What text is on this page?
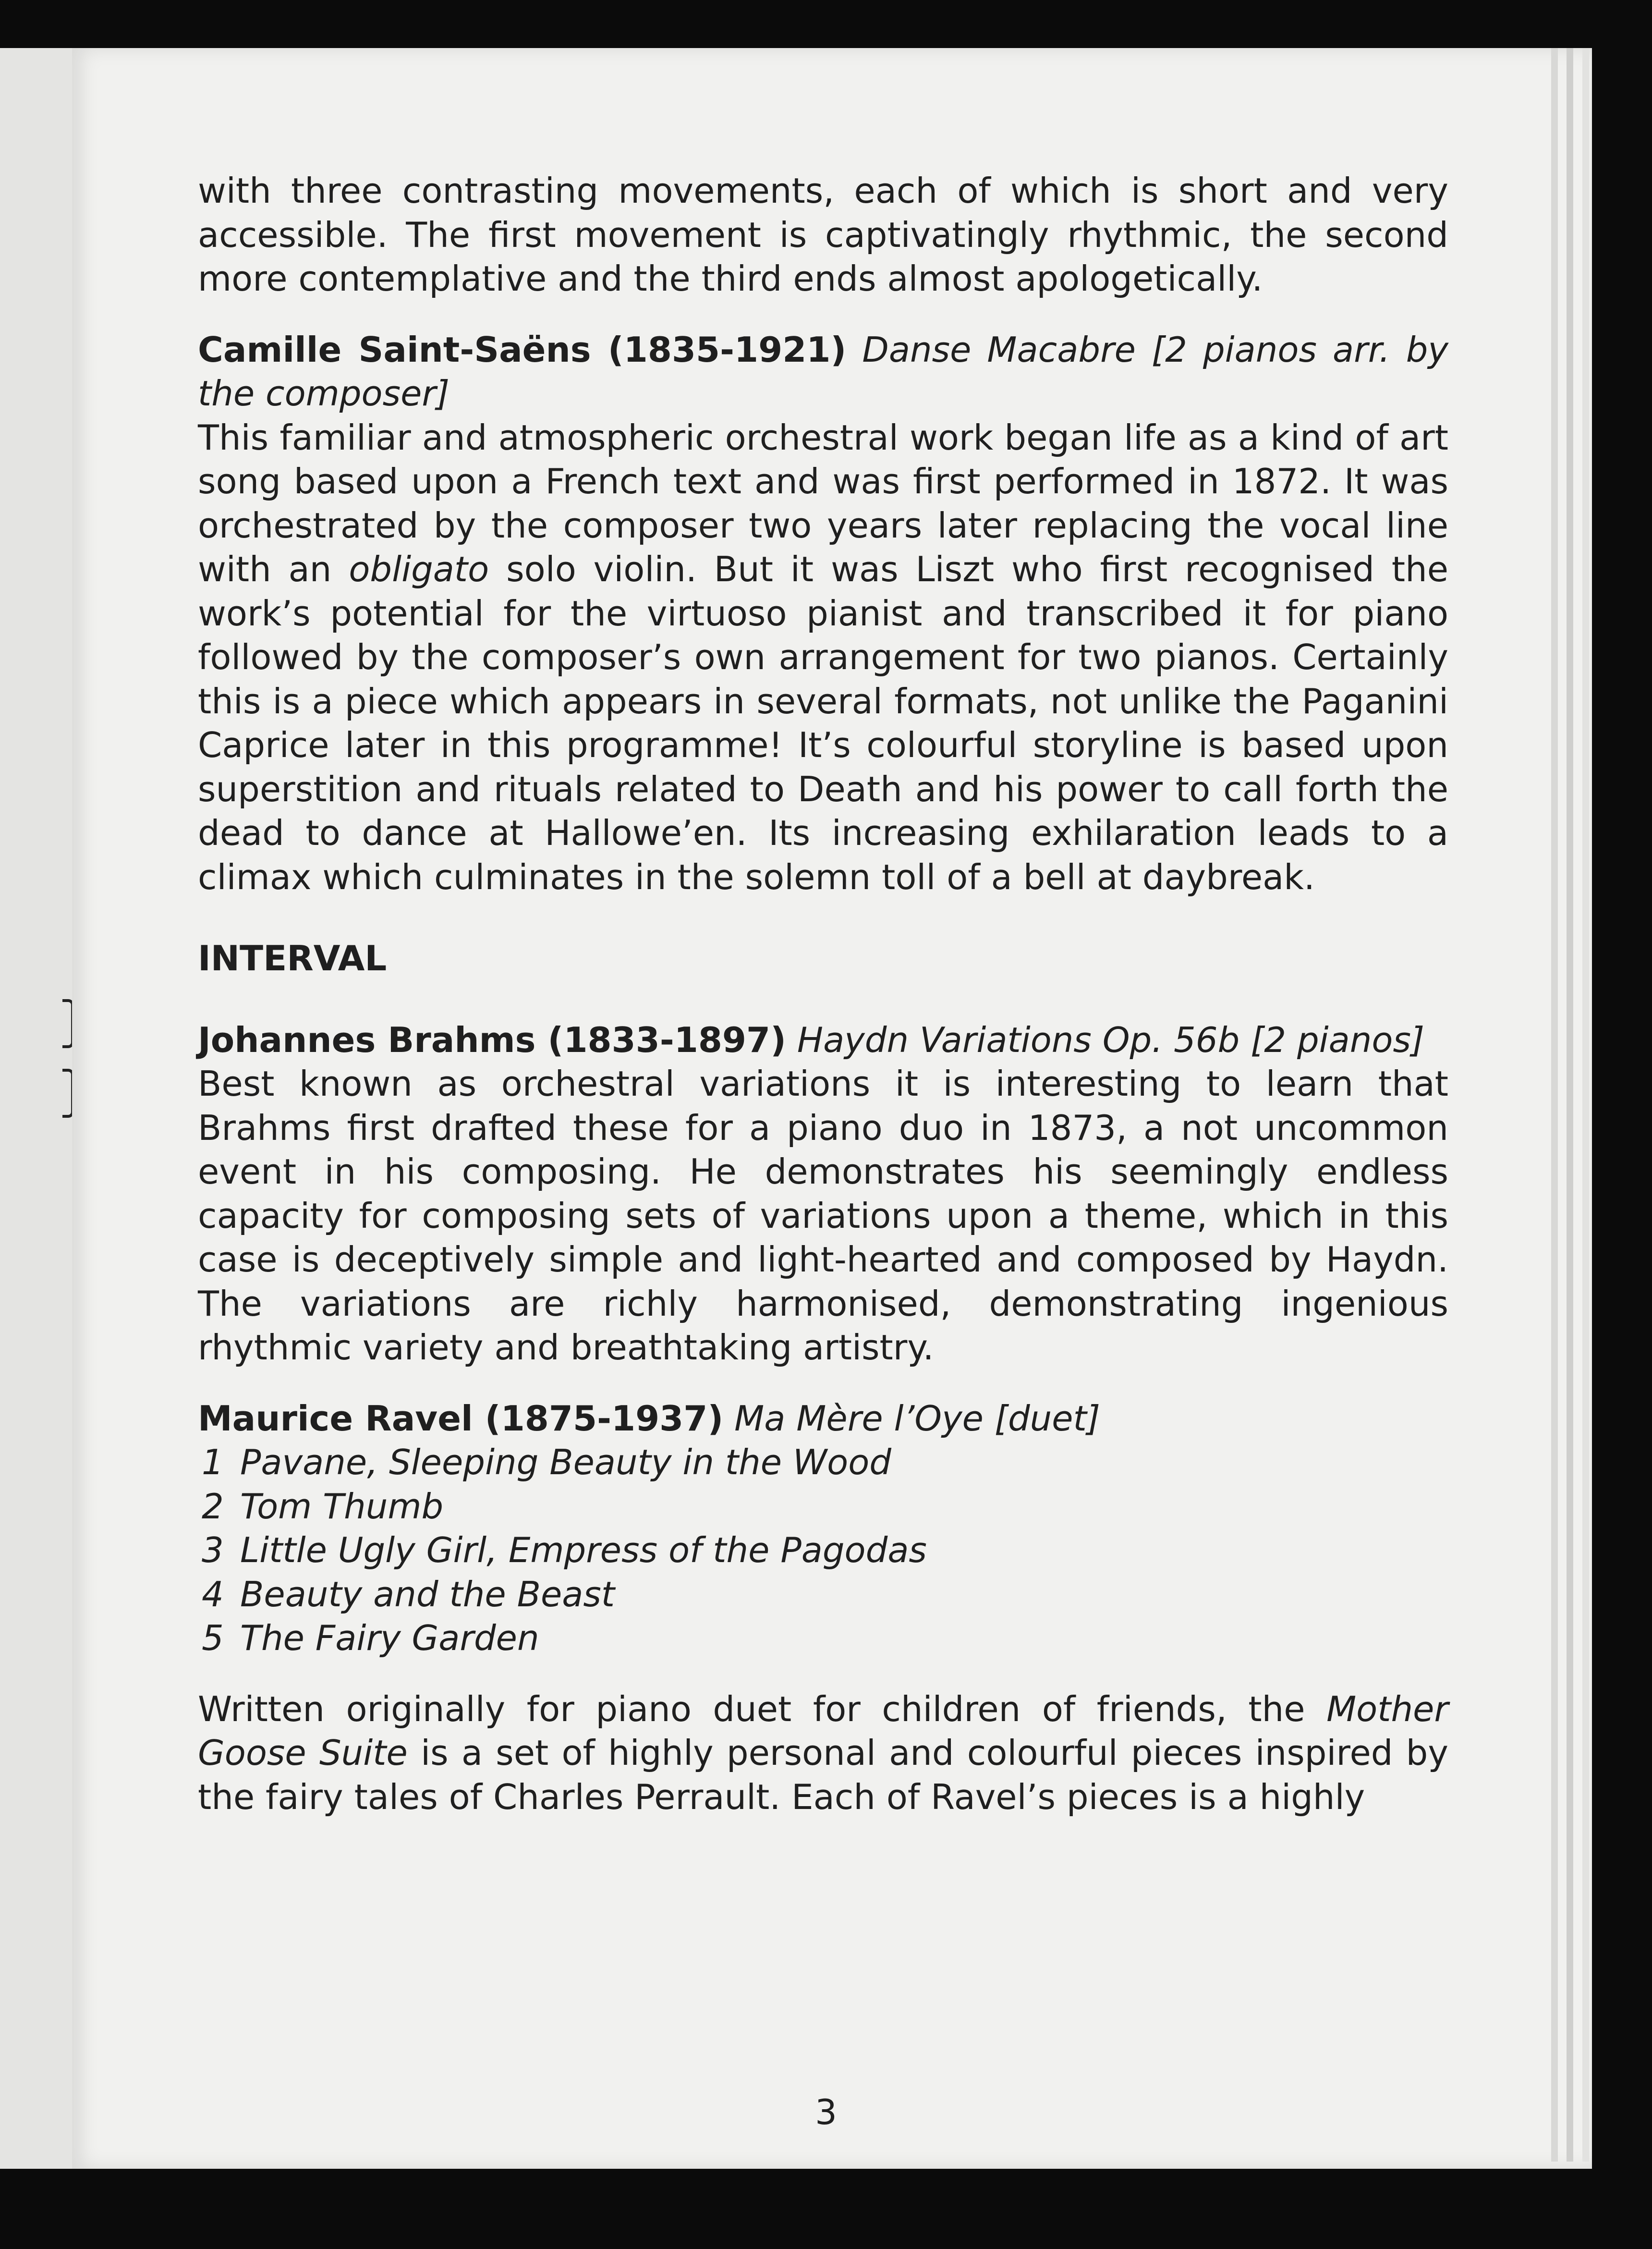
with three contrasting movements, each of which is short and very accessible. The first movement is captivatingly rhythmic, the second more contemplative and the third ends almost apologetically.

Camille Saint-Saëns (1835-1921) Danse Macabre [2 pianos arr. by the composer]

This familiar and atmospheric orchestral work began life as a kind of art song based upon a French text and was first performed in 1872. It was orchestrated by the composer two years later replacing the vocal line with an obligato solo violin. But it was Liszt who first recognised the work’s potential for the virtuoso pianist and transcribed it for piano followed by the composer’s own arrangement for two pianos. Certainly this is a piece which appears in several formats, not unlike the Paganini Caprice later in this programme! It’s colourful storyline is based upon superstition and rituals related to Death and his power to call forth the dead to dance at Hallowe’en. Its increasing exhilaration leads to a climax which culminates in the solemn toll of a bell at daybreak.

INTERVAL

Johannes Brahms (1833-1897) Haydn Variations Op. 56b [2 pianos]

Best known as orchestral variations it is interesting to learn that Brahms first drafted these for a piano duo in 1873, a not uncommon event in his composing. He demonstrates his seemingly endless capacity for composing sets of variations upon a theme, which in this case is deceptively simple and light-hearted and composed by Haydn. The variations are richly harmonised, demonstrating ingenious rhythmic variety and breathtaking artistry.

Maurice Ravel (1875-1937) Ma Mère l’Oye [duet]

1 Pavane, Sleeping Beauty in the Wood
2 Tom Thumb
3 Little Ugly Girl, Empress of the Pagodas
4 Beauty and the Beast
5 The Fairy Garden

Written originally for piano duet for children of friends, the Mother Goose Suite is a set of highly personal and colourful pieces inspired by the fairy tales of Charles Perrault. Each of Ravel’s pieces is a highly

3
